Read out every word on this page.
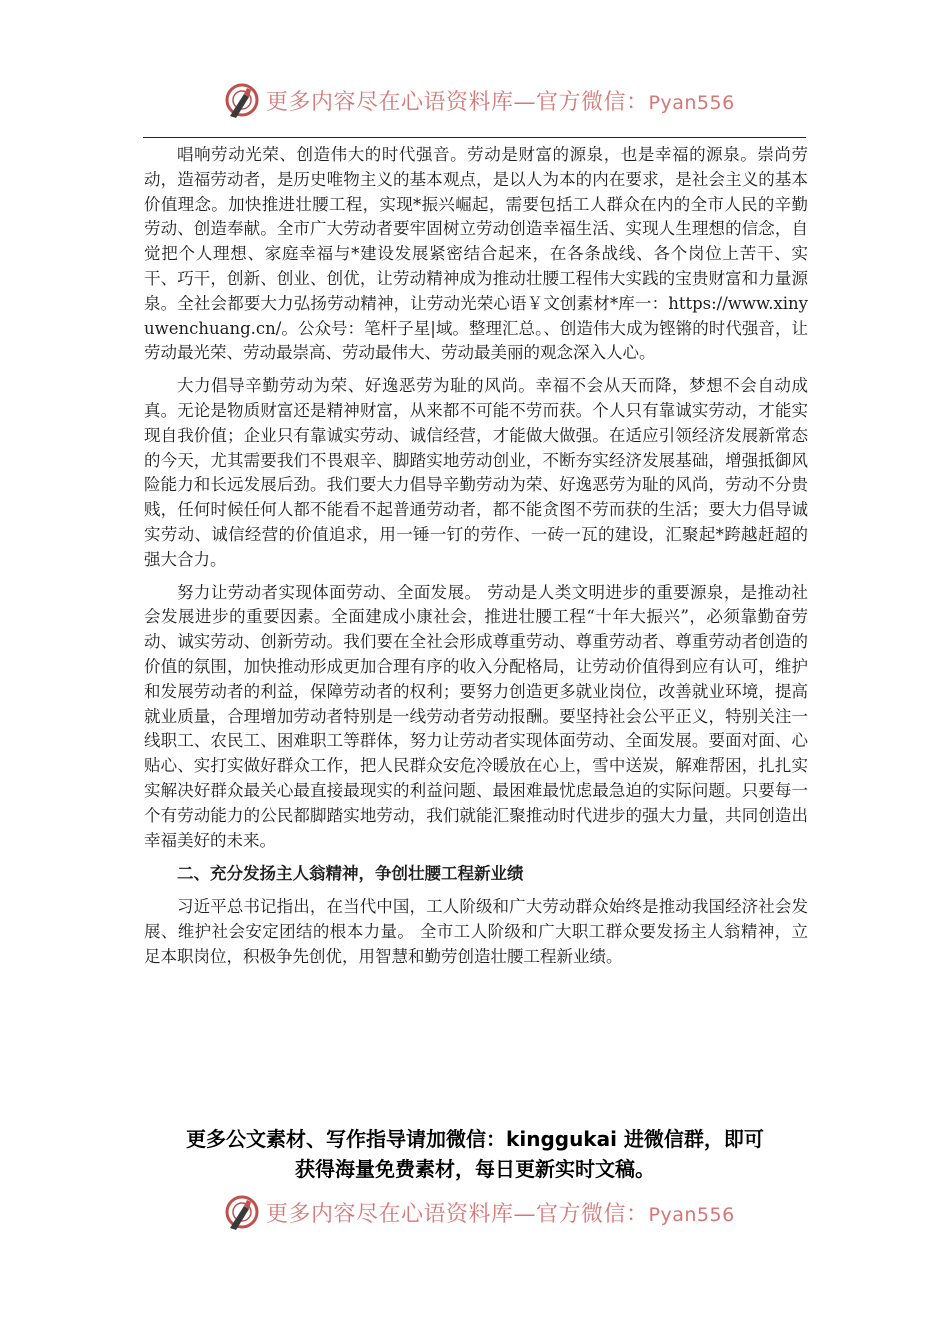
更多内容尽在心语资料库—官方微信：Pyan556

唱响劳动光荣、创造伟大的时代强音。劳动是财富的源泉，也是幸福的源泉。崇尚劳动，造福劳动者，是历史唯物主义的基本观点，是以人为本的内在要求，是社会主义的基本价值理念。加快推进壮腰工程，实现*振兴崛起，需要包括工人群众在内的全市人民的辛勤劳动、创造奉献。全市广大劳动者要牢固树立劳动创造幸福生活、实现人生理想的信念，自觉把个人理想、家庭幸福与*建设发展紧密结合起来，在各条战线、各个岗位上苦干、实干、巧干，创新、创业、创优，让劳动精神成为推动壮腰工程伟大实践的宝贵财富和力量源泉。全社会都要大力弘扬劳动精神，让劳动光荣心语￥文创素材*库一：https://www.xinyuwenchuang.cn/。公众号：笔杆子星|域。整理汇总。、创造伟大成为铿锵的时代强音，让劳动最光荣、劳动最崇高、劳动最伟大、劳动最美丽的观念深入人心。

大力倡导辛勤劳动为荣、好逸恶劳为耻的风尚。幸福不会从天而降，梦想不会自动成真。无论是物质财富还是精神财富，从来都不可能不劳而获。个人只有靠诚实劳动，才能实现自我价值；企业只有靠诚实劳动、诚信经营，才能做大做强。在适应引领经济发展新常态的今天，尤其需要我们不畏艰辛、脚踏实地劳动创业，不断夯实经济发展基础，增强抵御风险能力和长远发展后劲。我们要大力倡导辛勤劳动为荣、好逸恶劳为耻的风尚，劳动不分贵贱，任何时候任何人都不能看不起普通劳动者，都不能贪图不劳而获的生活；要大力倡导诚实劳动、诚信经营的价值追求，用一锤一钉的劳作、一砖一瓦的建设，汇聚起*跨越赶超的强大合力。

努力让劳动者实现体面劳动、全面发展。 劳动是人类文明进步的重要源泉，是推动社会发展进步的重要因素。全面建成小康社会，推进壮腰工程“十年大振兴”，必须靠勤奋劳动、诚实劳动、创新劳动。我们要在全社会形成尊重劳动、尊重劳动者、尊重劳动者创造的价值的氛围，加快推动形成更加合理有序的收入分配格局，让劳动价值得到应有认可，维护和发展劳动者的利益，保障劳动者的权利；要努力创造更多就业岗位，改善就业环境，提高就业质量，合理增加劳动者特别是一线劳动者劳动报酬。要坚持社会公平正义，特别关注一线职工、农民工、困难职工等群体，努力让劳动者实现体面劳动、全面发展。要面对面、心贴心、实打实做好群众工作，把人民群众安危冷暖放在心上，雪中送炭，解难帮困，扎扎实实解决好群众最关心最直接最现实的利益问题、最困难最忧虑最急迫的实际问题。只要每一个有劳动能力的公民都脚踏实地劳动，我们就能汇聚推动时代进步的强大力量，共同创造出幸福美好的未来。

二、充分发扬主人翁精神，争创壮腰工程新业绩

习近平总书记指出，在当代中国，工人阶级和广大劳动群众始终是推动我国经济社会发展、维护社会安定团结的根本力量。 全市工人阶级和广大职工群众要发扬主人翁精神，立足本职岗位，积极争先创优，用智慧和勤劳创造壮腰工程新业绩。

更多公文素材、写作指导请加微信：kinggukai 进微信群，即可
获得海量免费素材，每日更新实时文稿。
更多内容尽在心语资料库—官方微信：Pyan556
